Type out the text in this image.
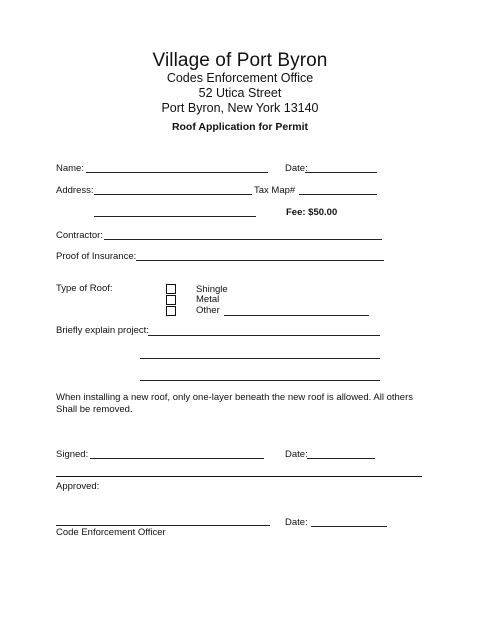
Village of Port Byron
Codes Enforcement Office
52 Utica Street
Port Byron, New York 13140
Roof Application for Permit
Name:	Date:
Address:	Tax Map#
Fee: $50.00
Contractor:
Proof of Insurance:
Type of Roof:	Shingle
Metal
Other
Briefly explain project:
When installing a new roof, only one-layer beneath the new roof is allowed. All others Shall be removed.
Signed:	Date:
Approved:
Code Enforcement Officer
Date:
